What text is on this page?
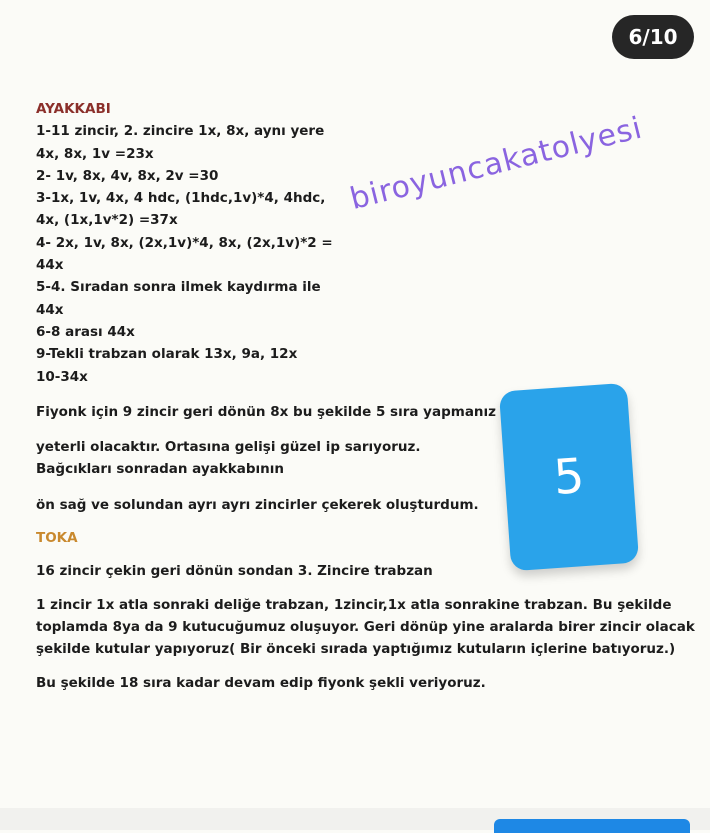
6/10
biroyuncakatolyesi
5
AYAKKABI
1-11 zincir, 2. zincire 1x, 8x, aynı yere
4x, 8x, 1v =23x
2- 1v, 8x, 4v, 8x, 2v =30
3-1x, 1v, 4x, 4 hdc, (1hdc,1v)*4, 4hdc,
4x, (1x,1v*2) =37x
4- 2x, 1v, 8x, (2x,1v)*4, 8x, (2x,1v)*2 =
44x
5-4. Sıradan sonra ilmek kaydırma ile
44x
6-8 arası 44x
9-Tekli trabzan olarak 13x, 9a, 12x
10-34x
Fiyonk için 9 zincir geri dönün 8x bu şekilde 5 sıra yapmanız
yeterli olacaktır. Ortasına gelişi güzel ip sarıyoruz.
Bağcıkları sonradan ayakkabının
ön sağ ve solundan ayrı ayrı zincirler çekerek oluşturdum.
TOKA
16 zincir çekin geri dönün sondan 3. Zincire trabzan
1 zincir 1x atla sonraki deliğe trabzan, 1zincir,1x atla sonrakine trabzan. Bu şekilde
toplamda 8ya da 9 kutucuğumuz oluşuyor. Geri dönüp yine aralarda birer zincir olacak
şekilde kutular yapıyoruz( Bir önceki sırada yaptığımız kutuların içlerine batıyoruz.)
Bu şekilde 18 sıra kadar devam edip fiyonk şekli veriyoruz.
